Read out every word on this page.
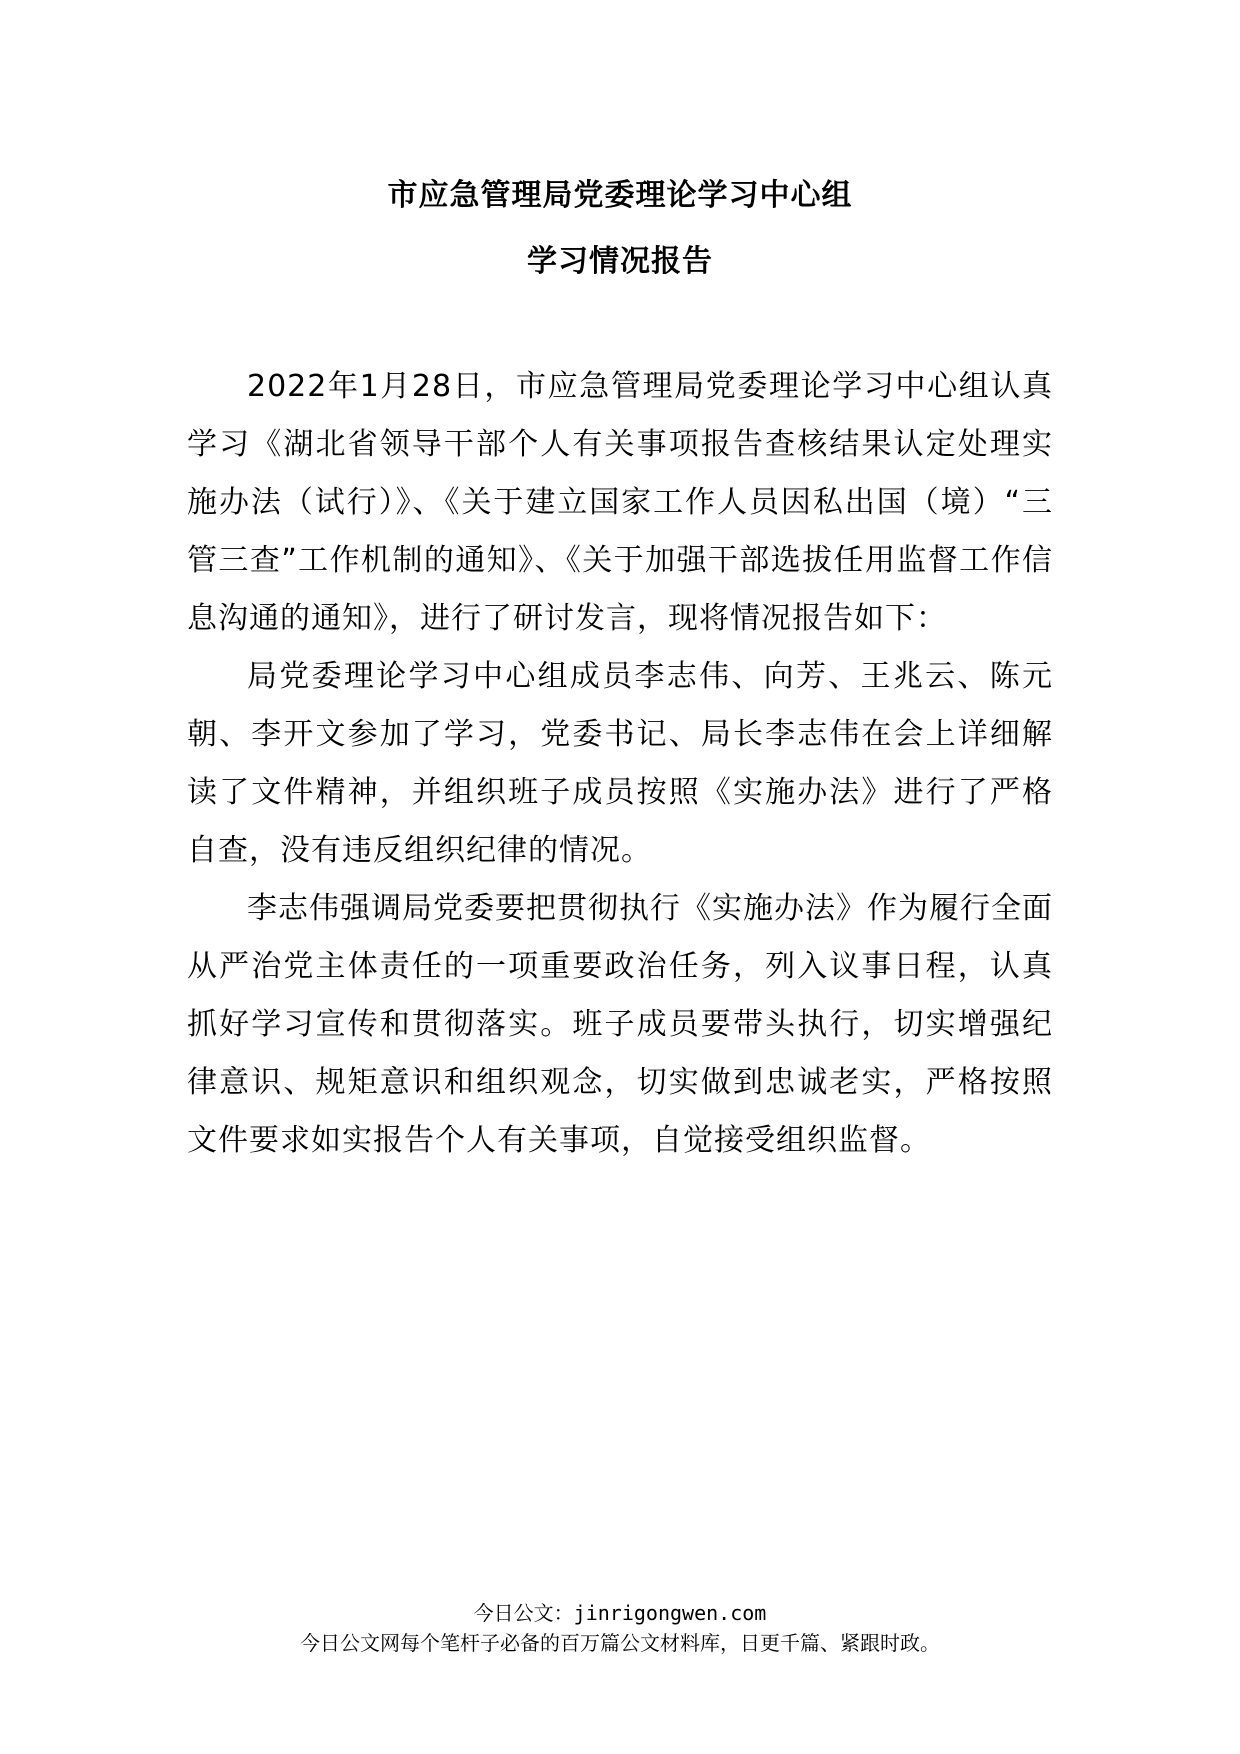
市应急管理局党委理论学习中心组
学习情况报告

2022年1月28日，市应急管理局党委理论学习中心组认真学习《湖北省领导干部个人有关事项报告查核结果认定处理实施办法（试行）》、《关于建立国家工作人员因私出国（境）“三管三查”工作机制的通知》、《关于加强干部选拔任用监督工作信息沟通的通知》，进行了研讨发言，现将情况报告如下：

局党委理论学习中心组成员李志伟、向芳、王兆云、陈元朝、李开文参加了学习，党委书记、局长李志伟在会上详细解读了文件精神，并组织班子成员按照《实施办法》进行了严格自查，没有违反组织纪律的情况。

李志伟强调局党委要把贯彻执行《实施办法》作为履行全面从严治党主体责任的一项重要政治任务，列入议事日程，认真抓好学习宣传和贯彻落实。班子成员要带头执行，切实增强纪律意识、规矩意识和组织观念，切实做到忠诚老实，严格按照文件要求如实报告个人有关事项，自觉接受组织监督。

今日公文：jinrigongwen.com
今日公文网每个笔杆子必备的百万篇公文材料库，日更千篇、紧跟时政。
